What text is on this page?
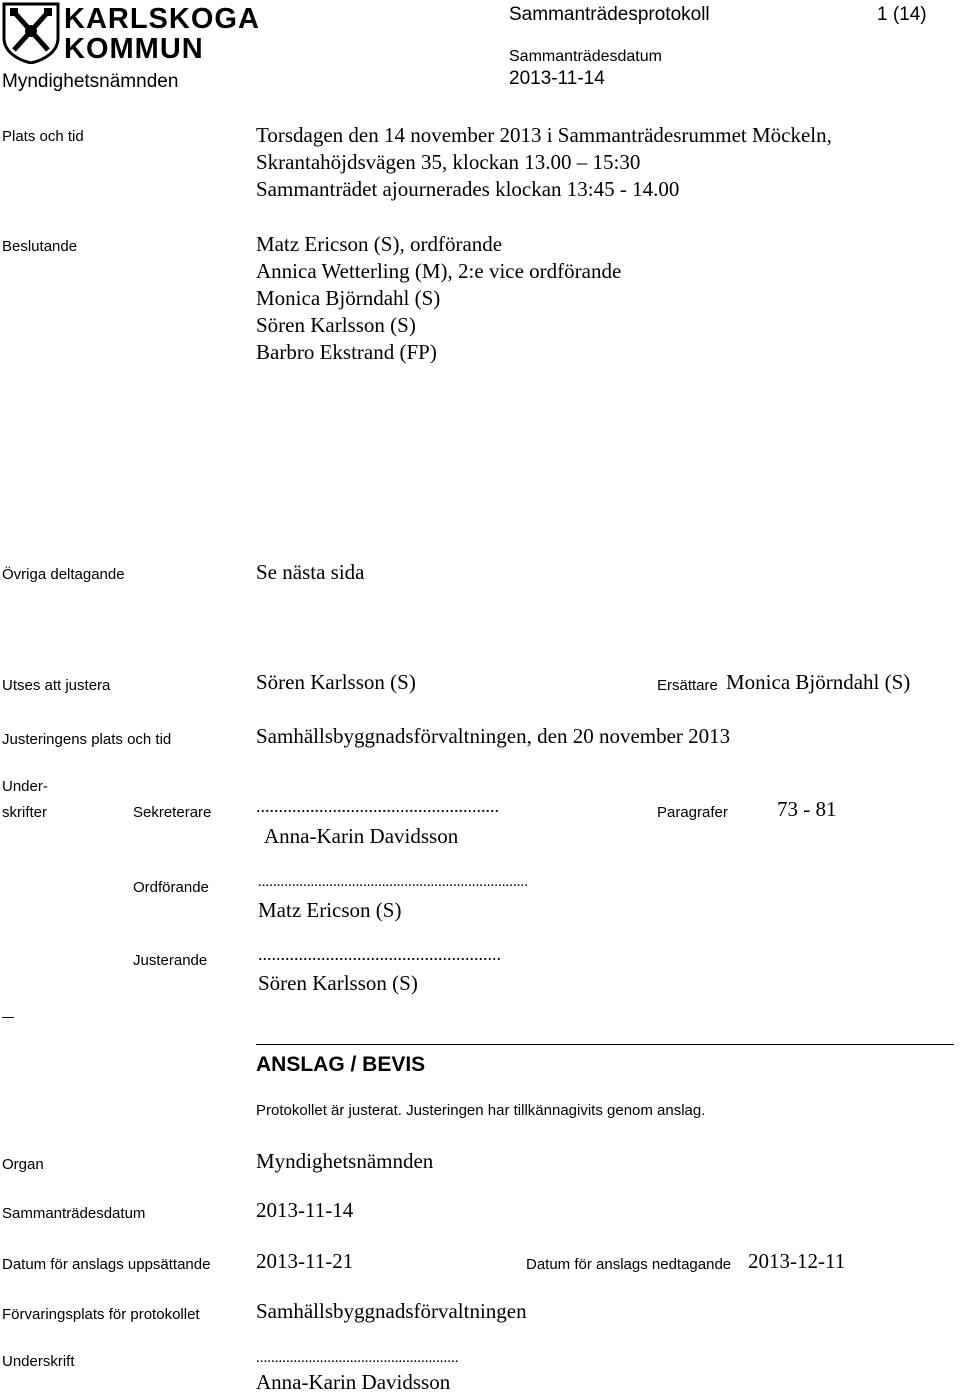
KARLSKOGA
KOMMUN
Myndighetsnämnden
Sammanträdesprotokoll	1 (14)
Sammanträdesdatum
2013-11-14
Plats och tid	Torsdagen den 14 november 2013 i Sammanträdesrummet Möckeln,
Skrantahöjdsvägen 35, klockan 13.00 – 15:30
Sammanträdet ajournerades klockan 13:45 - 14.00
Beslutande	Matz Ericson (S), ordförande
Annica Wetterling (M), 2:e vice ordförande
Monica Björndahl (S)
Sören Karlsson (S)
Barbro Ekstrand (FP)
Övriga deltagande	Se nästa sida
Utses att justera	Sören Karlsson (S)	Ersättare Monica Björndahl (S)
Justeringens plats och tid	Samhällsbyggnadsförvaltningen, den 20 november 2013
Under-
skrifter	Sekreterare ......................................................
Anna-Karin Davidsson
Paragrafer 73 - 81
Ordförande	........................................................................
Matz Ericson (S)
Justerande	......................................................
Sören Karlsson (S)
ANSLAG / BEVIS
Protokollet är justerat. Justeringen har tillkännagivits genom anslag.
Organ	Myndighetsnämnden
Sammanträdesdatum	2013-11-14
Datum för anslags uppsättande 2013-11-21	Datum för anslags nedtagande 2013-12-11
Förvaringsplats för protokollet	Samhällsbyggnadsförvaltningen
Underskrift	......................................................
Anna-Karin Davidsson
